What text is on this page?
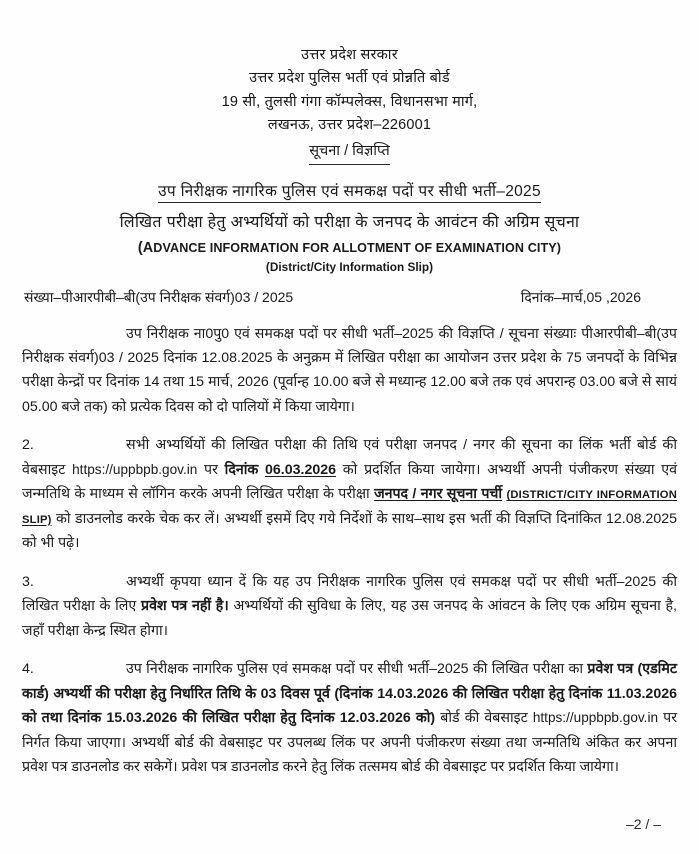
उत्तर प्रदेश सरकार
उत्तर प्रदेश पुलिस भर्ती एवं प्रोन्नति बोर्ड
19 सी, तुलसी गंगा कॉम्पलेक्स, विधानसभा मार्ग,
लखनऊ, उत्तर प्रदेश–226001
सूचना / विज्ञप्ति
उप निरीक्षक नागरिक पुलिस एवं समकक्ष पदों पर सीधी भर्ती–2025
लिखित परीक्षा हेतु अभ्यर्थियों को परीक्षा के जनपद के आवंटन की अग्रिम सूचना
(ADVANCE INFORMATION FOR ALLOTMENT OF EXAMINATION CITY)
(District/City Information Slip)
संख्या–पीआरपीबी–बी(उप निरीक्षक संवर्ग)03 / 2025	दिनांक–मार्च,05 ,2026

उप निरीक्षक ना0पु0 एवं समकक्ष पदों पर सीधी भर्ती–2025 की विज्ञप्ति / सूचना संख्याः पीआरपीबी–बी(उप निरीक्षक संवर्ग)03 / 2025 दिनांक 12.08.2025 के अनुक्रम में लिखित परीक्षा का आयोजन उत्तर प्रदेश के 75 जनपदों के विभिन्न परीक्षा केन्द्रों पर दिनांक 14 तथा 15 मार्च, 2026 (पूर्वान्ह 10.00 बजे से मध्यान्ह 12.00 बजे तक एवं अपरान्ह 03.00 बजे से सायं 05.00 बजे तक) को प्रत्येक दिवस को दो पालियों में किया जायेगा।

2.	सभी अभ्यर्थियों की लिखित परीक्षा की तिथि एवं परीक्षा जनपद / नगर की सूचना का लिंक भर्ती बोर्ड की वेबसाइट https://uppbpb.gov.in पर दिनांक 06.03.2026 को प्रदर्शित किया जायेगा। अभ्यर्थी अपनी पंजीकरण संख्या एवं जन्मतिथि के माध्यम से लॉगिन करके अपनी लिखित परीक्षा के परीक्षा जनपद / नगर सूचना पर्ची (DISTRICT/CITY INFORMATION SLIP) को डाउनलोड करके चेक कर लें। अभ्यर्थी इसमें दिए गये निर्देशों के साथ–साथ इस भर्ती की विज्ञप्ति दिनांकित 12.08.2025 को भी पढ़े।

3.	अभ्यर्थी कृपया ध्यान दें कि यह उप निरीक्षक नागरिक पुलिस एवं समकक्ष पदों पर सीधी भर्ती–2025 की लिखित परीक्षा के लिए प्रवेश पत्र नहीं है। अभ्यर्थियों की सुविधा के लिए, यह उस जनपद के आंवटन के लिए एक अग्रिम सूचना है, जहॉं परीक्षा केन्द्र स्थित होगा।

4.	उप निरीक्षक नागरिक पुलिस एवं समकक्ष पदों पर सीधी भर्ती–2025 की लिखित परीक्षा का प्रवेश पत्र (एडमिट कार्ड) अभ्यर्थी की परीक्षा हेतु निर्धारित तिथि के 03 दिवस पूर्व (दिनांक 14.03.2026 की लिखित परीक्षा हेतु दिनांक 11.03.2026 को तथा दिनांक 15.03.2026 की लिखित परीक्षा हेतु दिनांक 12.03.2026 को) बोर्ड की वेबसाइट https://uppbpb.gov.in पर निर्गत किया जाएगा। अभ्यर्थी बोर्ड की वेबसाइट पर उपलब्ध लिंक पर अपनी पंजीकरण संख्या तथा जन्मतिथि अंकित कर अपना प्रवेश पत्र डाउनलोड कर सकेगें। प्रवेश पत्र डाउनलोड करने हेतु लिंक तत्समय बोर्ड की वेबसाइट पर प्रदर्शित किया जायेगा।

–2 / –
